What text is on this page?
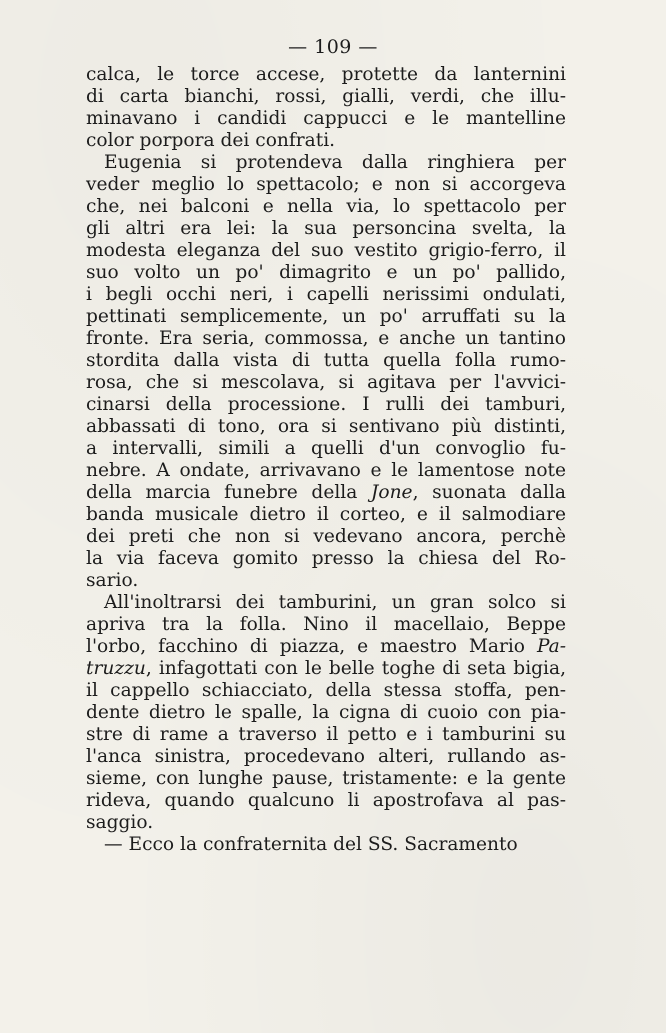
— 109 —
calca, le torce accese, protette da lanternini
di carta bianchi, rossi, gialli, verdi, che illu-
minavano i candidi cappucci e le mantelline
color porpora dei confrati.
Eugenia si protendeva dalla ringhiera per
veder meglio lo spettacolo; e non si accorgeva
che, nei balconi e nella via, lo spettacolo per
gli altri era lei: la sua personcina svelta, la
modesta eleganza del suo vestito grigio-ferro, il
suo volto un po' dimagrito e un po' pallido,
i begli occhi neri, i capelli nerissimi ondulati,
pettinati semplicemente, un po' arruffati su la
fronte. Era seria, commossa, e anche un tantino
stordita dalla vista di tutta quella folla rumo-
rosa, che si mescolava, si agitava per l'avvici-
cinarsi della processione. I rulli dei tamburi,
abbassati di tono, ora si sentivano più distinti,
a intervalli, simili a quelli d'un convoglio fu-
nebre. A ondate, arrivavano e le lamentose note
della marcia funebre della Jone, suonata dalla
banda musicale dietro il corteo, e il salmodiare
dei preti che non si vedevano ancora, perchè
la via faceva gomito presso la chiesa del Ro-
sario.
All'inoltrarsi dei tamburini, un gran solco si
apriva tra la folla. Nino il macellaio, Beppe
l'orbo, facchino di piazza, e maestro Mario Pa-
truzzu, infagottati con le belle toghe di seta bigia,
il cappello schiacciato, della stessa stoffa, pen-
dente dietro le spalle, la cigna di cuoio con pia-
stre di rame a traverso il petto e i tamburini su
l'anca sinistra, procedevano alteri, rullando as-
sieme, con lunghe pause, tristamente: e la gente
rideva, quando qualcuno li apostrofava al pas-
saggio.
— Ecco la confraternita del SS. Sacramento
